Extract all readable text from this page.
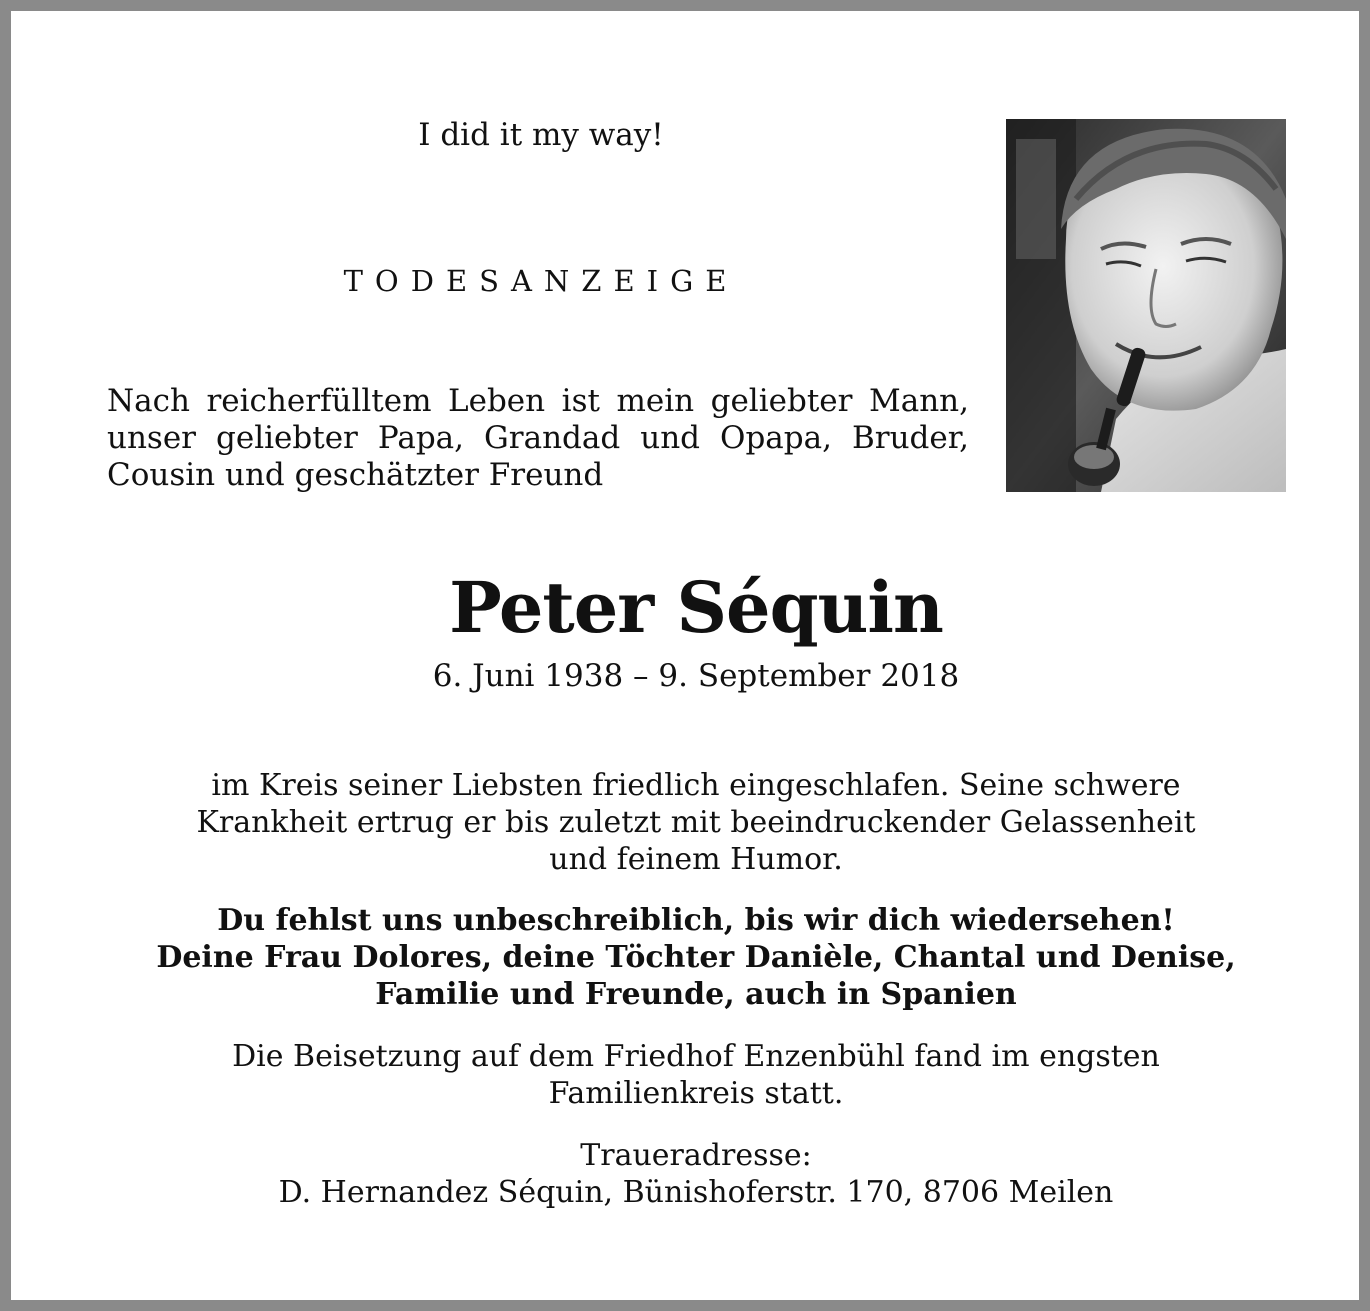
I did it my way!

TODESANZEIGE

Nach reicherfülltem Leben ist mein geliebter Mann,
unser geliebter Papa, Grandad und Opapa, Bruder,
Cousin und geschätzter Freund

Peter Séquin

6. Juni 1938 – 9. September 2018

im Kreis seiner Liebsten friedlich eingeschlafen. Seine schwere
Krankheit ertrug er bis zuletzt mit beeindruckender Gelassenheit
und feinem Humor.

Du fehlst uns unbeschreiblich, bis wir dich wiedersehen!
Deine Frau Dolores, deine Töchter Danièle, Chantal und Denise,
Familie und Freunde, auch in Spanien

Die Beisetzung auf dem Friedhof Enzenbühl fand im engsten
Familienkreis statt.

Traueradresse:
D. Hernandez Séquin, Bünishoferstr. 170, 8706 Meilen
